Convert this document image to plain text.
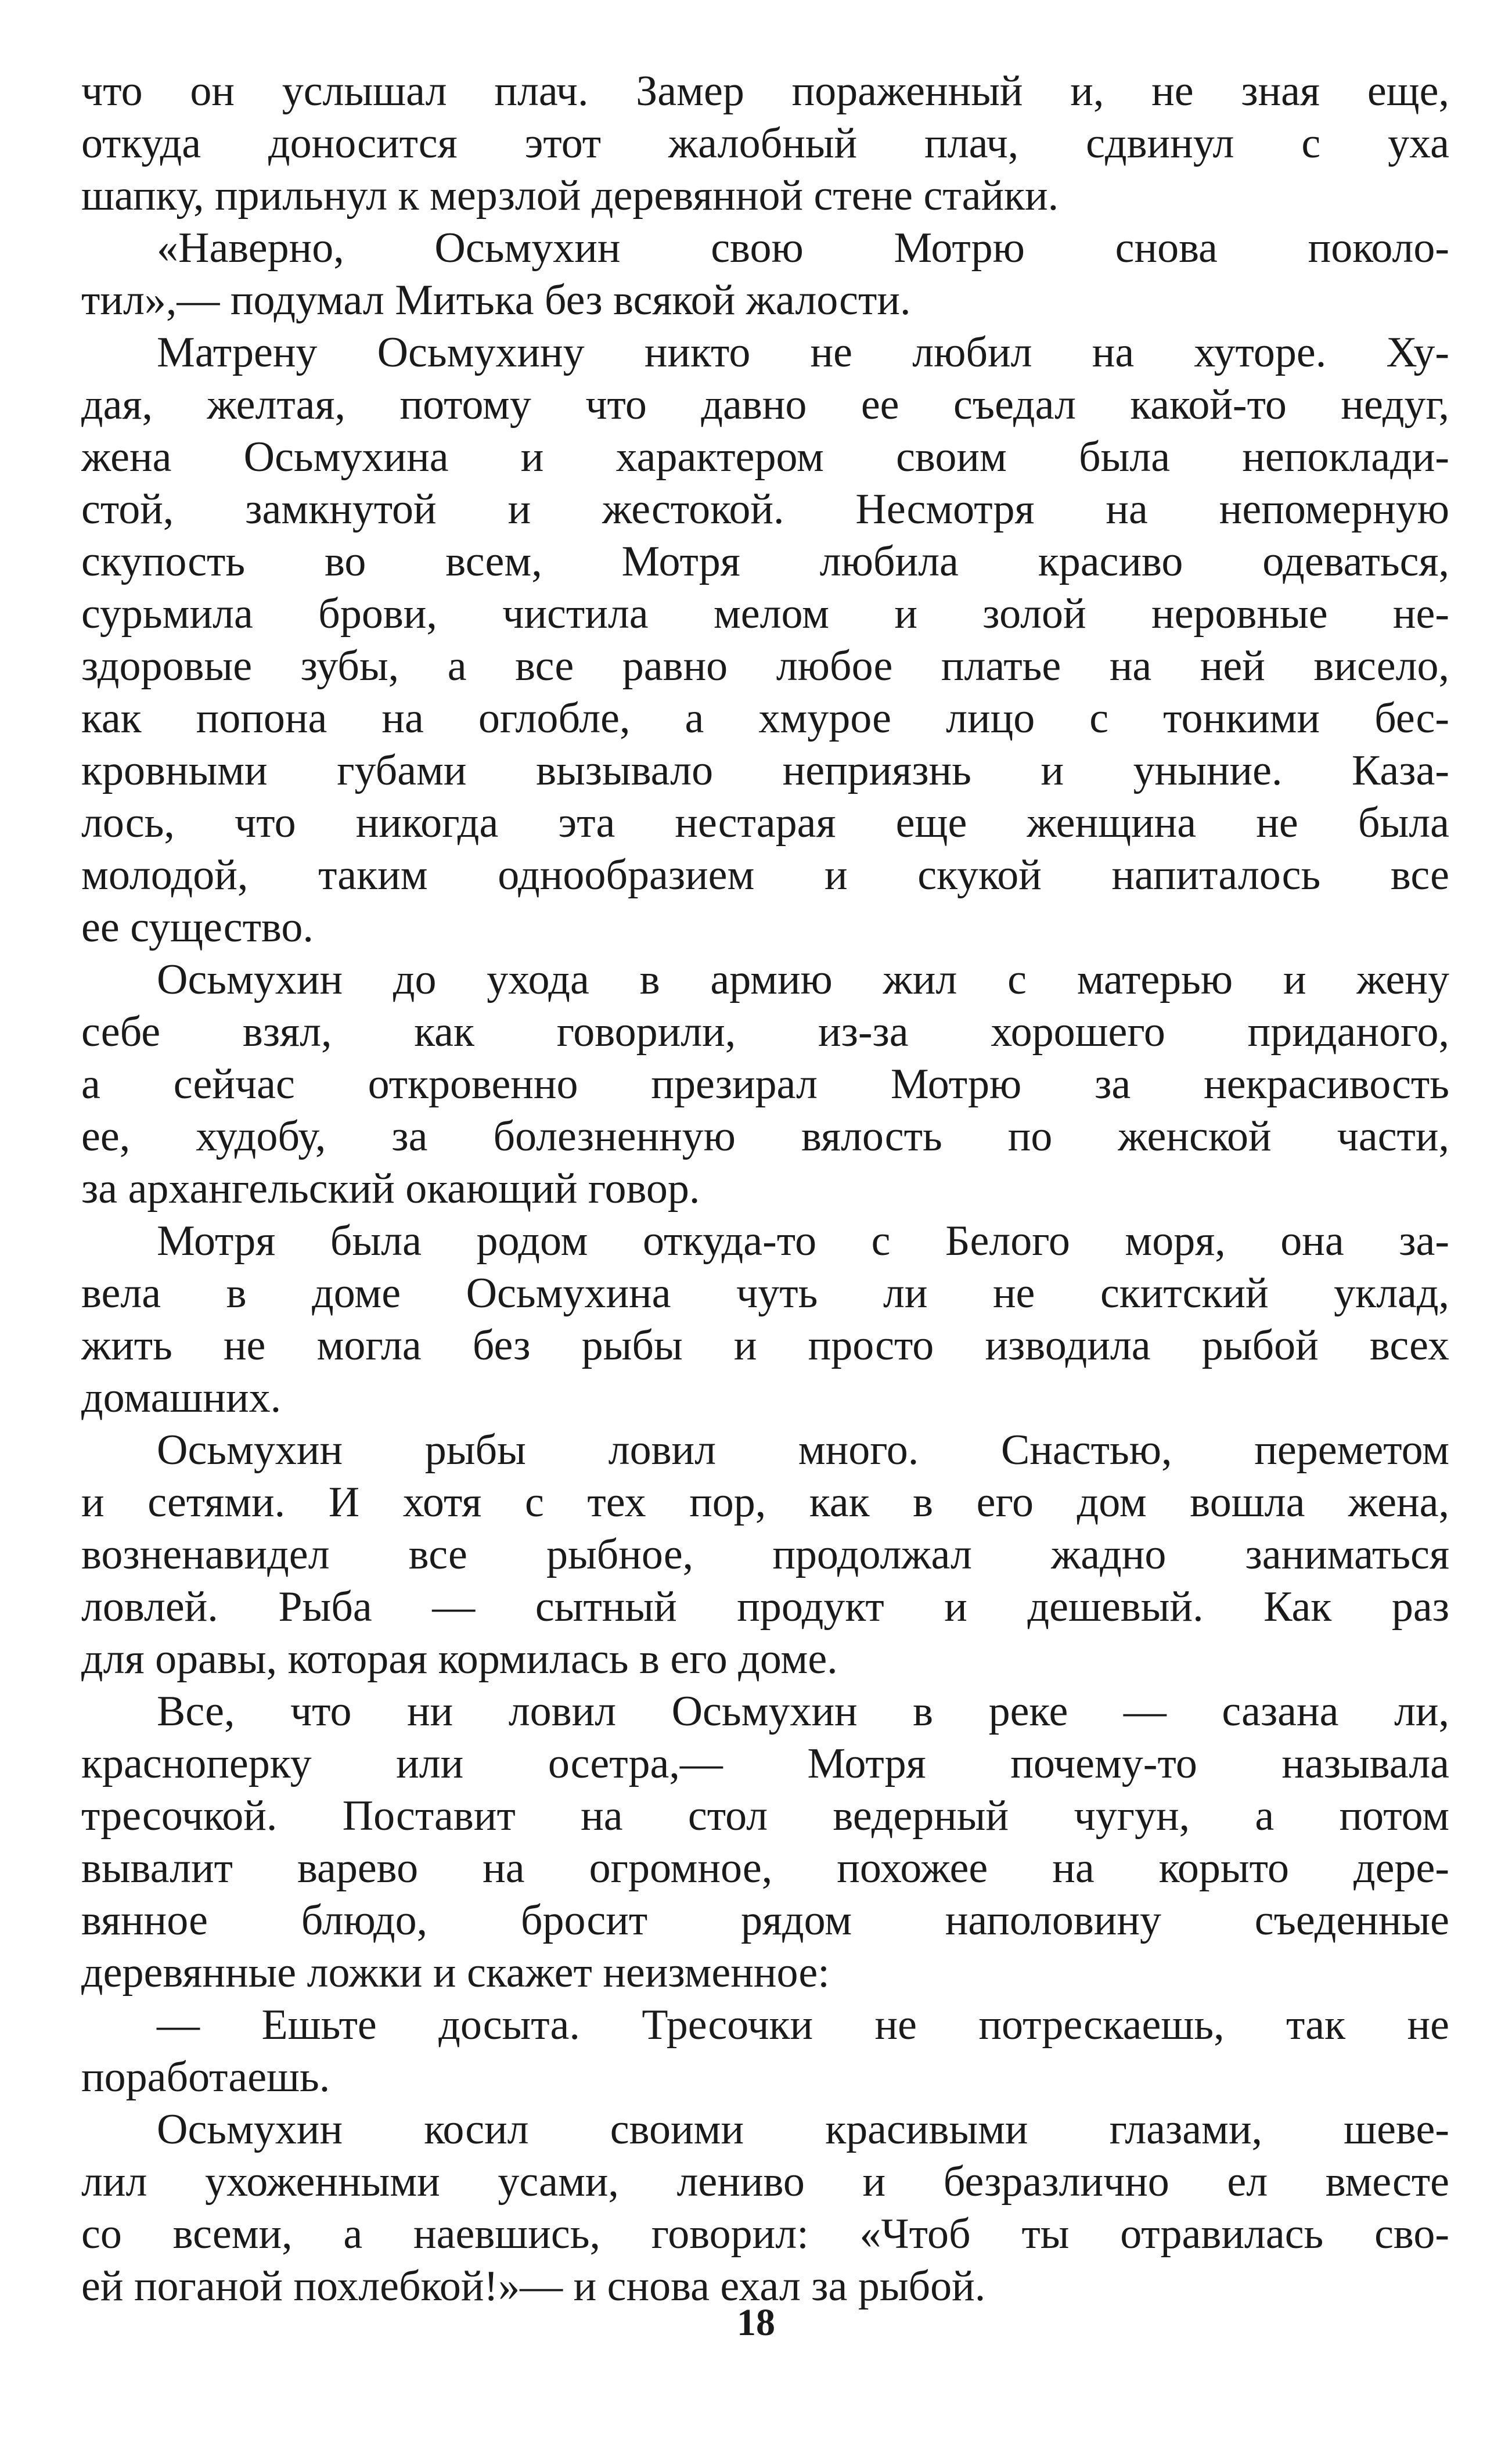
что он услышал плач. Замер пораженный и, не зная еще,
откуда доносится этот жалобный плач, сдвинул с уха
шапку, прильнул к мерзлой деревянной стене стайки.
«Наверно, Осьмухин свою Мотрю снова поколо-
тил»,— подумал Митька без всякой жалости.
Матрену Осьмухину никто не любил на хуторе. Ху-
дая, желтая, потому что давно ее съедал какой-то недуг,
жена Осьмухина и характером своим была непоклади-
стой, замкнутой и жестокой. Несмотря на непомерную
скупость во всем, Мотря любила красиво одеваться,
сурьмила брови, чистила мелом и золой неровные не-
здоровые зубы, а все равно любое платье на ней висело,
как попона на оглобле, а хмурое лицо с тонкими бес-
кровными губами вызывало неприязнь и уныние. Каза-
лось, что никогда эта нестарая еще женщина не была
молодой, таким однообразием и скукой напиталось все
ее существо.
Осьмухин до ухода в армию жил с матерью и жену
себе взял, как говорили, из-за хорошего приданого,
а сейчас откровенно презирал Мотрю за некрасивость
ее, худобу, за болезненную вялость по женской части,
за архангельский окающий говор.
Мотря была родом откуда-то с Белого моря, она за-
вела в доме Осьмухина чуть ли не скитский уклад,
жить не могла без рыбы и просто изводила рыбой всех
домашних.
Осьмухин рыбы ловил много. Снастью, переметом
и сетями. И хотя с тех пор, как в его дом вошла жена,
возненавидел все рыбное, продолжал жадно заниматься
ловлей. Рыба — сытный продукт и дешевый. Как раз
для оравы, которая кормилась в его доме.
Все, что ни ловил Осьмухин в реке — сазана ли,
красноперку или осетра,— Мотря почему-то называла
тресочкой. Поставит на стол ведерный чугун, а потом
вывалит варево на огромное, похожее на корыто дере-
вянное блюдо, бросит рядом наполовину съеденные
деревянные ложки и скажет неизменное:
— Ешьте досыта. Тресочки не потрескаешь, так не
поработаешь.
Осьмухин косил своими красивыми глазами, шеве-
лил ухоженными усами, лениво и безразлично ел вместе
со всеми, а наевшись, говорил: «Чтоб ты отравилась сво-
ей поганой похлебкой!»— и снова ехал за рыбой.
18
